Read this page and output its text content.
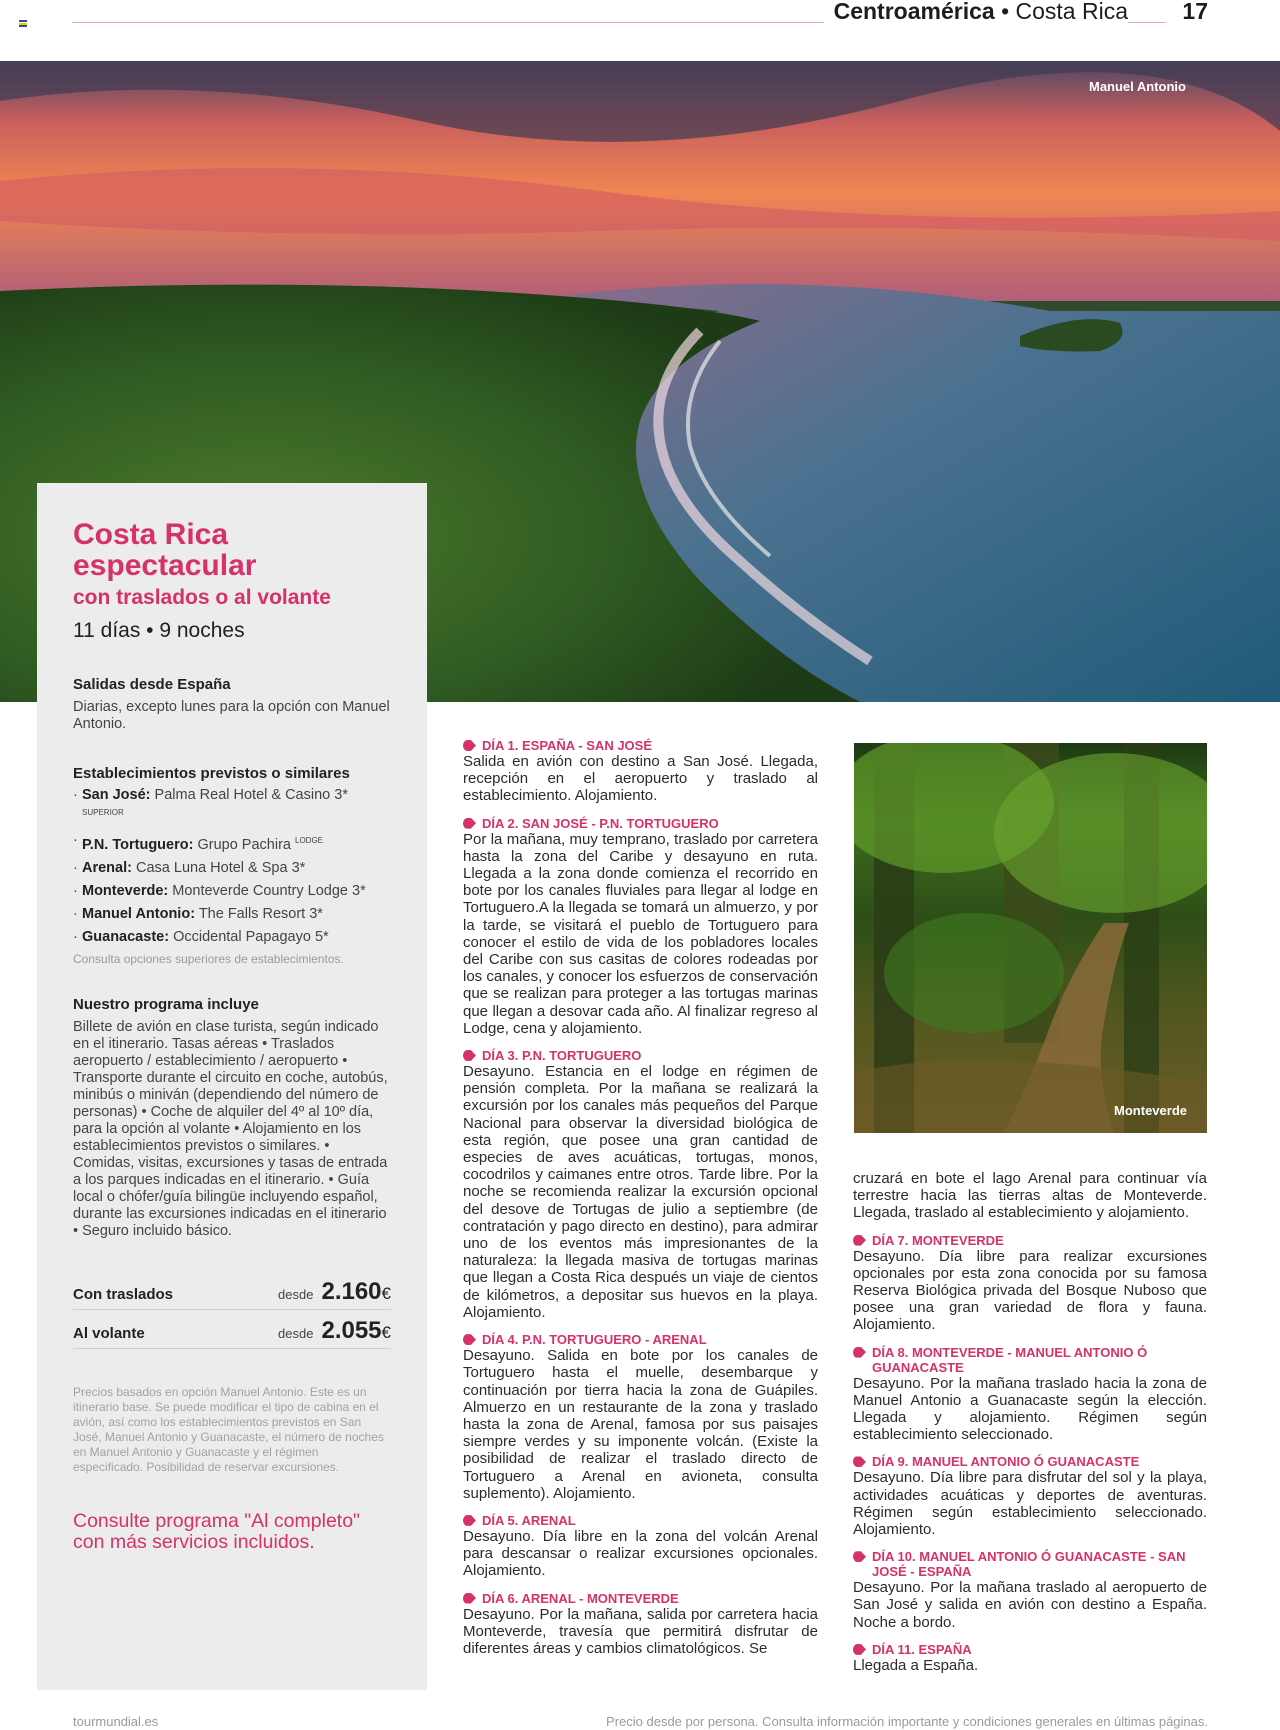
Centroamérica • Costa Rica	17
Manuel Antonio
Costa Rica
espectacular
con traslados o al volante
11 días • 9 noches
Salidas desde España
Diarias, excepto lunes para la opción con Manuel Antonio.
Establecimientos previstos o similares
· San José: Palma Real Hotel & Casino 3* $^{SUPERIOR}$
· P.N. Tortuguero: Grupo Pachira $^{LODGE}$
· Arenal: Casa Luna Hotel & Spa 3*
· Monteverde: Monteverde Country Lodge 3*
· Manuel Antonio: The Falls Resort 3*
· Guanacaste: Occidental Papagayo 5*
Consulta opciones superiores de establecimientos.
Nuestro programa incluye
Billete de avión en clase turista, según indicado en el itinerario. Tasas aéreas • Traslados aeropuerto / establecimiento / aeropuerto • Transporte durante el circuito en coche, autobús, minibús o miniván (dependiendo del número de personas) • Coche de alquiler del 4º al 10º día, para la opción al volante • Alojamiento en los establecimientos previstos o similares. • Comidas, visitas, excursiones y tasas de entrada a los parques indicadas en el itinerario. • Guía local o chófer/guía bilingüe incluyendo español, durante las excursiones indicadas en el itinerario • Seguro incluido básico.
Con traslados	desde 2.160 €
Al volante	desde 2.055 €
Precios basados en opción Manuel Antonio. Este es un itinerario base. Se puede modificar el tipo de cabina en el avión, así como los establecimientos previstos en San José, Manuel Antonio y Guanacaste, el número de noches en Manuel Antonio y Guanacaste y el régimen especificado. Posibilidad de reservar excursiones.
Consulte programa "Al completo" con más servicios incluidos.
DÍA 1. ESPAÑA - SAN JOSÉ
Salida en avión con destino a San José. Llegada, recepción en el aeropuerto y traslado al establecimiento. Alojamiento.
DÍA 2. SAN JOSÉ - P.N. TORTUGUERO
Por la mañana, muy temprano, traslado por carretera hasta la zona del Caribe y desayuno en ruta. Llegada a la zona donde comienza el recorrido en bote por los canales fluviales para llegar al lodge en Tortuguero.A la llegada se tomará un almuerzo, y por la tarde, se visitará el pueblo de Tortuguero para conocer el estilo de vida de los pobladores locales del Caribe con sus casitas de colores rodeadas por los canales, y conocer los esfuerzos de conservación que se realizan para proteger a las tortugas marinas que llegan a desovar cada año. Al finalizar regreso al Lodge, cena y alojamiento.
DÍA 3. P.N. TORTUGUERO
Desayuno. Estancia en el lodge en régimen de pensión completa. Por la mañana se realizará la excursión por los canales más pequeños del Parque Nacional para observar la diversidad biológica de esta región, que posee una gran cantidad de especies de aves acuáticas, tortugas, monos, cocodrilos y caimanes entre otros. Tarde libre. Por la noche se recomienda realizar la excursión opcional del desove de Tortugas de julio a septiembre (de contratación y pago directo en destino), para admirar uno de los eventos más impresionantes de la naturaleza: la llegada masiva de tortugas marinas que llegan a Costa Rica después un viaje de cientos de kilómetros, a depositar sus huevos en la playa. Alojamiento.
DÍA 4. P.N. TORTUGUERO - ARENAL
Desayuno. Salida en bote por los canales de Tortuguero hasta el muelle, desembarque y continuación por tierra hacia la zona de Guápiles. Almuerzo en un restaurante de la zona y traslado hasta la zona de Arenal, famosa por sus paisajes siempre verdes y su imponente volcán. (Existe la posibilidad de realizar el traslado directo de Tortuguero a Arenal en avioneta, consulta suplemento). Alojamiento.
DÍA 5. ARENAL
Desayuno. Día libre en la zona del volcán Arenal para descansar o realizar excursiones opcionales. Alojamiento.
DÍA 6. ARENAL - MONTEVERDE
Desayuno. Por la mañana, salida por carretera hacia Monteverde, travesía que permitirá disfrutar de diferentes áreas y cambios climatológicos. Se
Monteverde
cruzará en bote el lago Arenal para continuar vía terrestre hacia las tierras altas de Monteverde. Llegada, traslado al establecimiento y alojamiento.
DÍA 7. MONTEVERDE
Desayuno. Día libre para realizar excursiones opcionales por esta zona conocida por su famosa Reserva Biológica privada del Bosque Nuboso que posee una gran variedad de flora y fauna. Alojamiento.
DÍA 8. MONTEVERDE - MANUEL ANTONIO Ó GUANACASTE
Desayuno. Por la mañana traslado hacia la zona de Manuel Antonio a Guanacaste según la elección. Llegada y alojamiento. Régimen según establecimiento seleccionado.
DÍA 9. MANUEL ANTONIO Ó GUANACASTE
Desayuno. Día libre para disfrutar del sol y la playa, actividades acuáticas y deportes de aventuras. Régimen según establecimiento seleccionado. Alojamiento.
DÍA 10. MANUEL ANTONIO Ó GUANACASTE - SAN JOSÉ - ESPAÑA
Desayuno. Por la mañana traslado al aeropuerto de San José y salida en avión con destino a España. Noche a bordo.
DÍA 11. ESPAÑA
Llegada a España.
tourmundial.es	Precio desde por persona. Consulta información importante y condiciones generales en últimas páginas.
